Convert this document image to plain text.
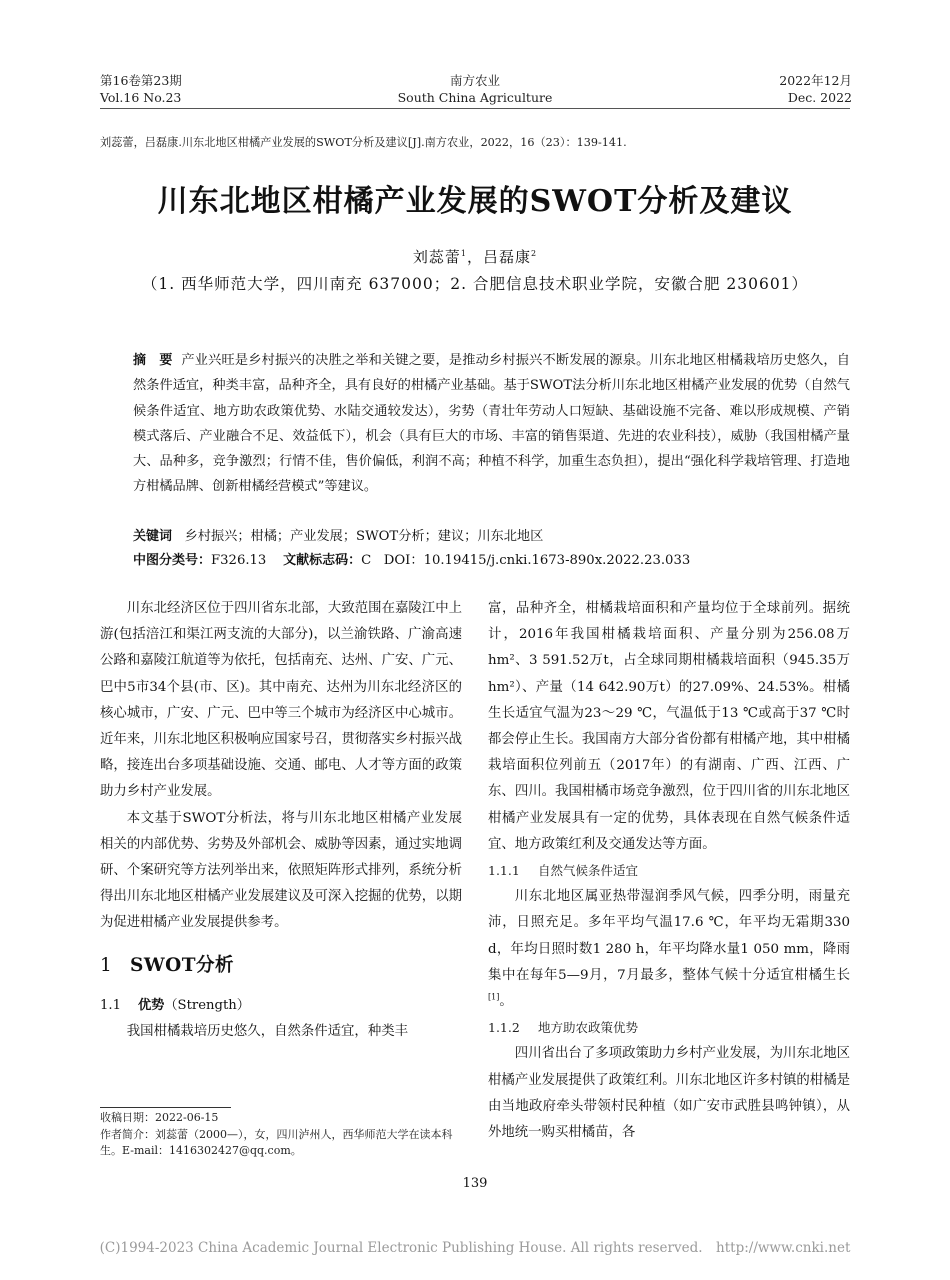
第16卷第23期
Vol.16 No.23
南方农业
South China Agriculture
2022年12月
Dec. 2022
刘蕊蕾，吕磊康.川东北地区柑橘产业发展的SWOT分析及建议[J].南方农业，2022，16（23）：139-141.
川东北地区柑橘产业发展的SWOT分析及建议
刘蕊蕾$^1$，吕磊康$^2$
（1. 西华师范大学，四川南充 637000；2. 合肥信息技术职业学院，安徽合肥 230601）
摘　要 产业兴旺是乡村振兴的决胜之举和关键之要，是推动乡村振兴不断发展的源泉。川东北地区柑橘栽培历史悠久，自然条件适宜，种类丰富，品种齐全，具有良好的柑橘产业基础。基于SWOT法分析川东北地区柑橘产业发展的优势（自然气候条件适宜、地方助农政策优势、水陆交通较发达），劣势（青壮年劳动人口短缺、基础设施不完备、难以形成规模、产销模式落后、产业融合不足、效益低下），机会（具有巨大的市场、丰富的销售渠道、先进的农业科技），威胁（我国柑橘产量大、品种多，竞争激烈；行情不佳，售价偏低，利润不高；种植不科学，加重生态负担），提出“强化科学栽培管理、打造地方柑橘品牌、创新柑橘经营模式”等建议。
关键词 乡村振兴；柑橘；产业发展；SWOT分析；建议；川东北地区
中图分类号：F326.13 文献标志码：C DOI：10.19415/j.cnki.1673-890x.2022.23.033

川东北经济区位于四川省东北部，大致范围在嘉陵江中上游(包括涪江和渠江两支流的大部分)，以兰渝铁路、广渝高速公路和嘉陵江航道等为依托，包括南充、达州、广安、广元、巴中5市34个县(市、区)。其中南充、达州为川东北经济区的核心城市，广安、广元、巴中等三个城市为经济区中心城市。近年来，川东北地区积极响应国家号召，贯彻落实乡村振兴战略，接连出台多项基础设施、交通、邮电、人才等方面的政策助力乡村产业发展。

本文基于SWOT分析法，将与川东北地区柑橘产业发展相关的内部优势、劣势及外部机会、威胁等因素，通过实地调研、个案研究等方法列举出来，依照矩阵形式排列，系统分析得出川东北地区柑橘产业发展建议及可深入挖掘的优势，以期为促进柑橘产业发展提供参考。

1 SWOT分析
1.1 优势（Strength）

我国柑橘栽培历史悠久，自然条件适宜，种类丰

收稿日期：2022-06-15
作者简介：刘蕊蕾（2000—），女，四川泸州人，西华师范大学在读本科生。E-mail：1416302427@qq.com。

富，品种齐全，柑橘栽培面积和产量均位于全球前列。据统计，2016年我国柑橘栽培面积、产量分别为256.08万hm²、3 591.52万t，占全球同期柑橘栽培面积（945.35万hm²）、产量（14 642.90万t）的27.09%、24.53%。柑橘生长适宜气温为23～29 ℃，气温低于13 ℃或高于37 ℃时都会停止生长。我国南方大部分省份都有柑橘产地，其中柑橘栽培面积位列前五（2017年）的有湖南、广西、江西、广东、四川。我国柑橘市场竞争激烈，位于四川省的川东北地区柑橘产业发展具有一定的优势，具体表现在自然气候条件适宜、地方政策红利及交通发达等方面。

1.1.1 自然气候条件适宜

川东北地区属亚热带湿润季风气候，四季分明，雨量充沛，日照充足。多年平均气温17.6 ℃，年平均无霜期330 d，年均日照时数1 280 h，年平均降水量1 050 mm，降雨集中在每年5—9月，7月最多，整体气候十分适宜柑橘生长[1]。

1.1.2 地方助农政策优势

四川省出台了多项政策助力乡村产业发展，为川东北地区柑橘产业发展提供了政策红利。川东北地区许多村镇的柑橘是由当地政府牵头带领村民种植（如广安市武胜县鸣钟镇），从外地统一购买柑橘苗，各

139
(C)1994-2023 China Academic Journal Electronic Publishing House. All rights reserved.　http://www.cnki.net
